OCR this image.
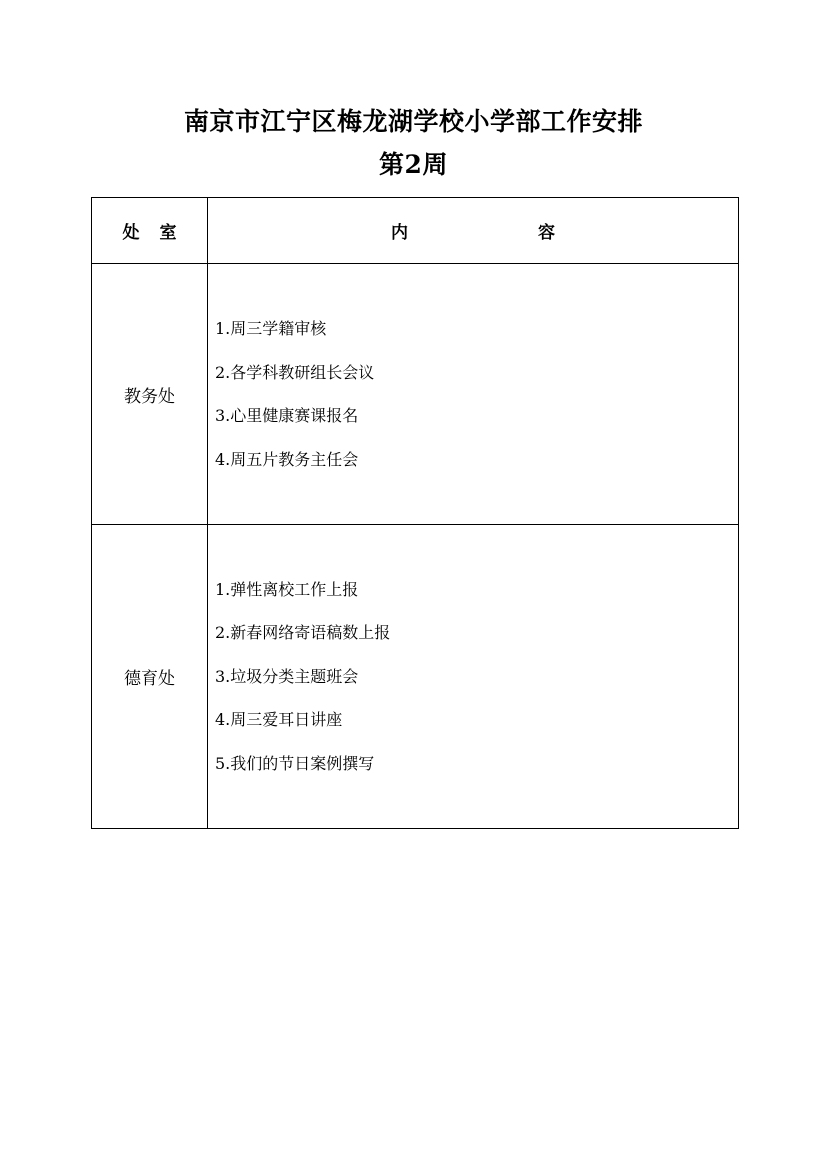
南京市江宁区梅龙湖学校小学部工作安排
第2周
处室	内容
教务处	1.周三学籍审核
2.各学科教研组长会议
3.心里健康赛课报名
4.周五片教务主任会

德育处	1.弹性离校工作上报
2.新春网络寄语稿数上报
3.垃圾分类主题班会
4.周三爱耳日讲座
5.我们的节日案例撰写
